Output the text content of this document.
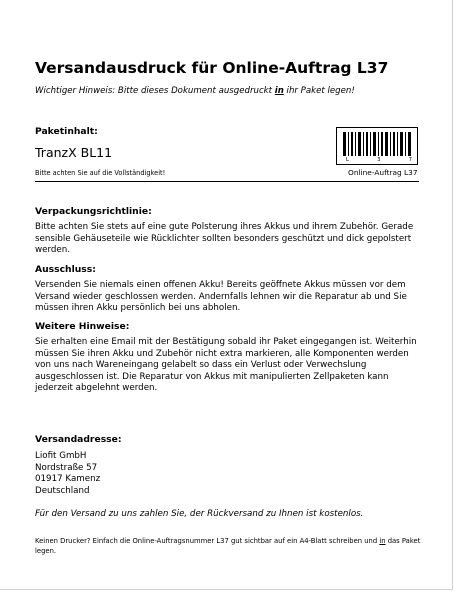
Versandausdruck für Online-Auftrag L37
Wichtiger Hinweis: Bitte dieses Dokument ausgedruckt in ihr Paket legen!
Paketinhalt:
TranzX BL11
Bitte achten Sie auf die Vollständigkeit!
L	3	7
Online-Auftrag L37
Verpackungsrichtlinie:
Bitte achten Sie stets auf eine gute Polsterung ihres Akkus und ihrem Zubehör. Gerade sensible Gehäuseteile wie Rücklichter sollten besonders geschützt und dick gepolstert werden.
Ausschluss:
Versenden Sie niemals einen offenen Akku! Bereits geöffnete Akkus müssen vor dem Versand wieder geschlossen werden. Andernfalls lehnen wir die Reparatur ab und Sie müssen ihren Akku persönlich bei uns abholen.
Weitere Hinweise:
Sie erhalten eine Email mit der Bestätigung sobald ihr Paket eingegangen ist. Weiterhin müssen Sie ihren Akku und Zubehör nicht extra markieren, alle Komponenten werden von uns nach Wareneingang gelabelt so dass ein Verlust oder Verwechslung ausgeschlossen ist. Die Reparatur von Akkus mit manipulierten Zellpaketen kann jederzeit abgelehnt werden.
Versandadresse:
Liofit GmbH
Nordstraße 57
01917 Kamenz
Deutschland
Für den Versand zu uns zahlen Sie, der Rückversand zu Ihnen ist kostenlos.
Keinen Drucker? Einfach die Online-Auftragsnummer L37 gut sichtbar auf ein A4-Blatt schreiben und in das Paket legen.
